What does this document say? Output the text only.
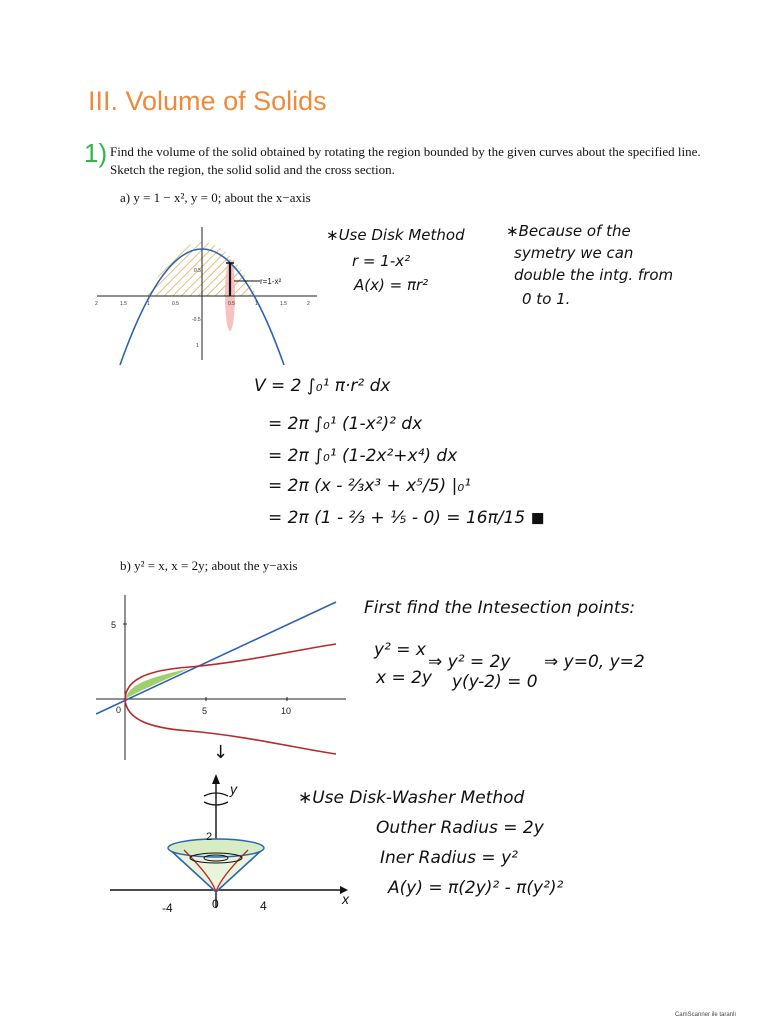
III. Volume of Solids
1) Find the volume of the solid obtained by rotating the region bounded by the given curves about the specified line. Sketch the region, the solid solid and the cross section.
a) y = 1 − x², y = 0; about the x−axis
r=1-x²
2	1.5	1	0.5	0.5	1	1.5	2
0.5
-0.5
1
∗Use Disk Method
r = 1-x²
A(x) = πr²
∗Because of the
symetry we can
double the intg. from
0 to 1.
V = 2 ∫₀¹ π·r² dx
= 2π ∫₀¹ (1-x²)² dx
= 2π ∫₀¹ (1-2x²+x⁴) dx
= 2π (x - ⅔x³ + x⁵/5) |₀¹
= 2π (1 - ⅔ + ⅕ - 0) = 16π/15 ◼
b) y² = x, x = 2y; about the y−axis
0	5	10
5
First find the Intesection points:
y² = x
x = 2y
⇒ y² = 2y
y(y-2) = 0
⇒ y=0, y=2
↓
y
x
2
-4	0	4
∗Use Disk-Washer Method
Outher Radius = 2y
Iner Radius = y²
A(y) = π(2y)² - π(y²)²
CamScanner ile taranlı
